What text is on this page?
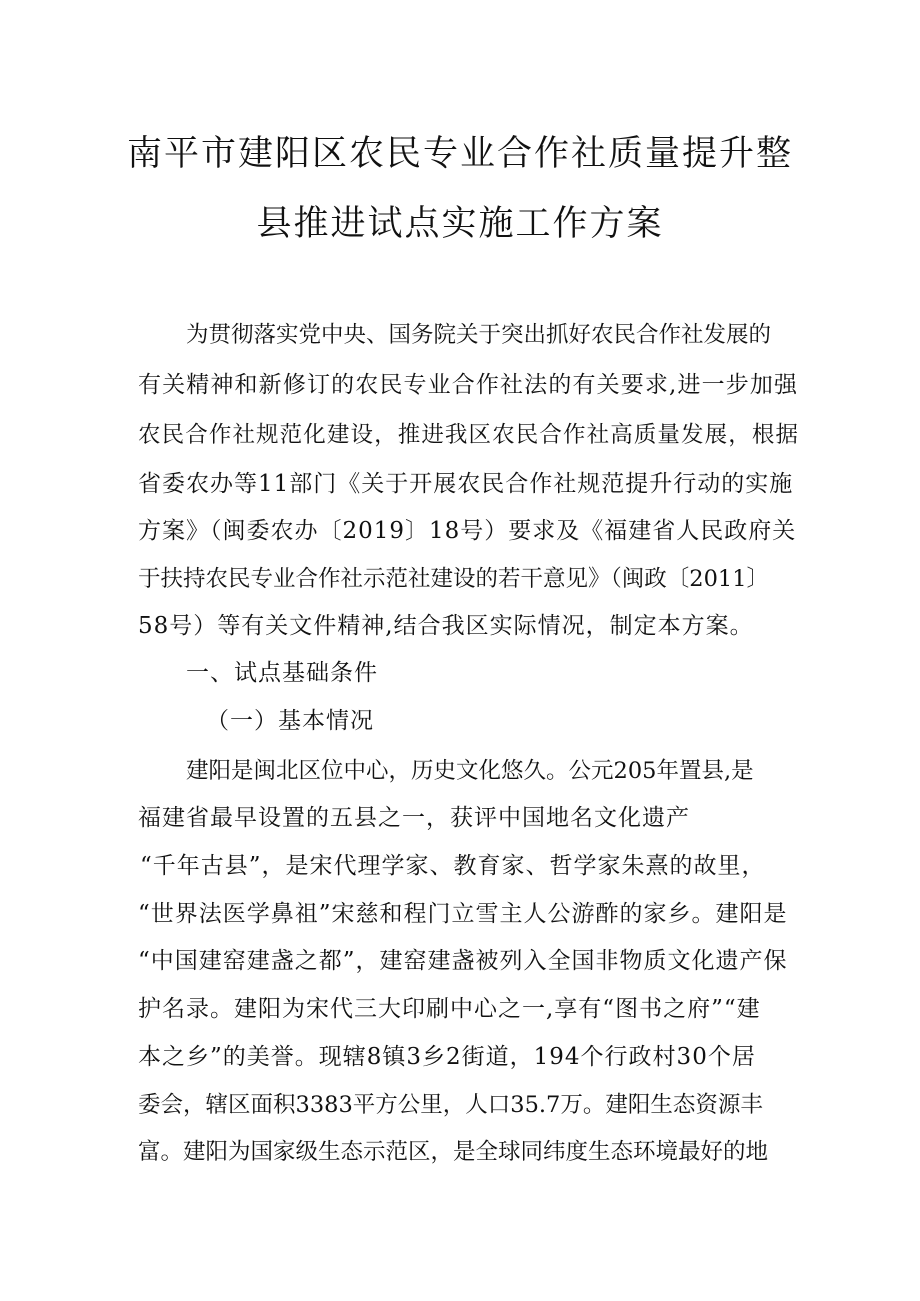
南平市建阳区农民专业合作社质量提升整
县推进试点实施工作方案

为贯彻落实党中央、国务院关于突出抓好农民合作社发展的

有关精神和新修订的农民专业合作社法的有关要求,进一步加强

农民合作社规范化建设，推进我区农民合作社高质量发展，根据

省委农办等11部门《关于开展农民合作社规范提升行动的实施

方案》（闽委农办〔2019〕18号）要求及《福建省人民政府关

于扶持农民专业合作社示范社建设的若干意见》（闽政〔2011〕

58号）等有关文件精神,结合我区实际情况，制定本方案。

一、试点基础条件

（一）基本情况

建阳是闽北区位中心，历史文化悠久。公元205年置县,是

福建省最早设置的五县之一，获评中国地名文化遗产

“千年古县”，是宋代理学家、教育家、哲学家朱熹的故里，

“世界法医学鼻祖”宋慈和程门立雪主人公游酢的家乡。建阳是

“中国建窑建盏之都”，建窑建盏被列入全国非物质文化遗产保

护名录。建阳为宋代三大印刷中心之一,享有“图书之府”“建

本之乡”的美誉。现辖8镇3乡2街道，194个行政村30个居

委会，辖区面积3383平方公里，人口35.7万。建阳生态资源丰

富。建阳为国家级生态示范区，是全球同纬度生态环境最好的地
